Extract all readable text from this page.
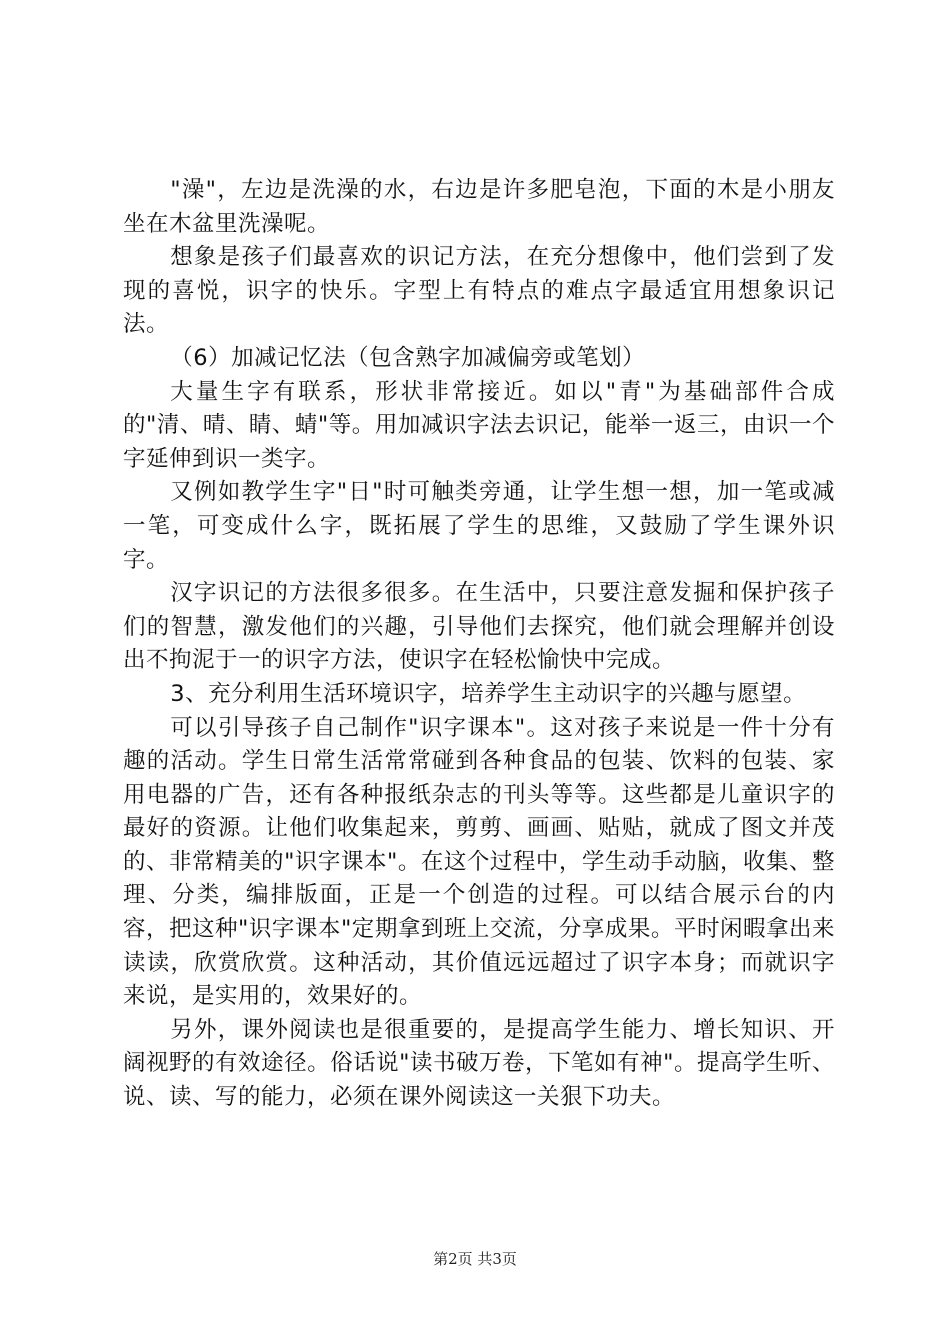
"澡"，左边是洗澡的水，右边是许多肥皂泡，下面的木是小朋友坐在木盆里洗澡呢。

想象是孩子们最喜欢的识记方法，在充分想像中，他们尝到了发现的喜悦，识字的快乐。字型上有特点的难点字最适宜用想象识记法。

（6）加减记忆法（包含熟字加减偏旁或笔划）

大量生字有联系，形状非常接近。如以"青"为基础部件合成的"清、晴、睛、蜻"等。用加减识字法去识记，能举一返三，由识一个字延伸到识一类字。

又例如教学生字"日"时可触类旁通，让学生想一想，加一笔或减一笔，可变成什么字，既拓展了学生的思维，又鼓励了学生课外识字。

汉字识记的方法很多很多。在生活中，只要注意发掘和保护孩子们的智慧，激发他们的兴趣，引导他们去探究，他们就会理解并创设出不拘泥于一的识字方法，使识字在轻松愉快中完成。

3、充分利用生活环境识字，培养学生主动识字的兴趣与愿望。

可以引导孩子自己制作"识字课本"。这对孩子来说是一件十分有趣的活动。学生日常生活常常碰到各种食品的包装、饮料的包装、家用电器的广告，还有各种报纸杂志的刊头等等。这些都是儿童识字的最好的资源。让他们收集起来，剪剪、画画、贴贴，就成了图文并茂的、非常精美的"识字课本"。在这个过程中，学生动手动脑，收集、整理、分类，编排版面，正是一个创造的过程。可以结合展示台的内容，把这种"识字课本"定期拿到班上交流，分享成果。平时闲暇拿出来读读，欣赏欣赏。这种活动，其价值远远超过了识字本身；而就识字来说，是实用的，效果好的。

另外，课外阅读也是很重要的，是提高学生能力、增长知识、开阔视野的有效途径。俗话说"读书破万卷，下笔如有神"。提高学生听、说、读、写的能力，必须在课外阅读这一关狠下功夫。

第2页 共3页
